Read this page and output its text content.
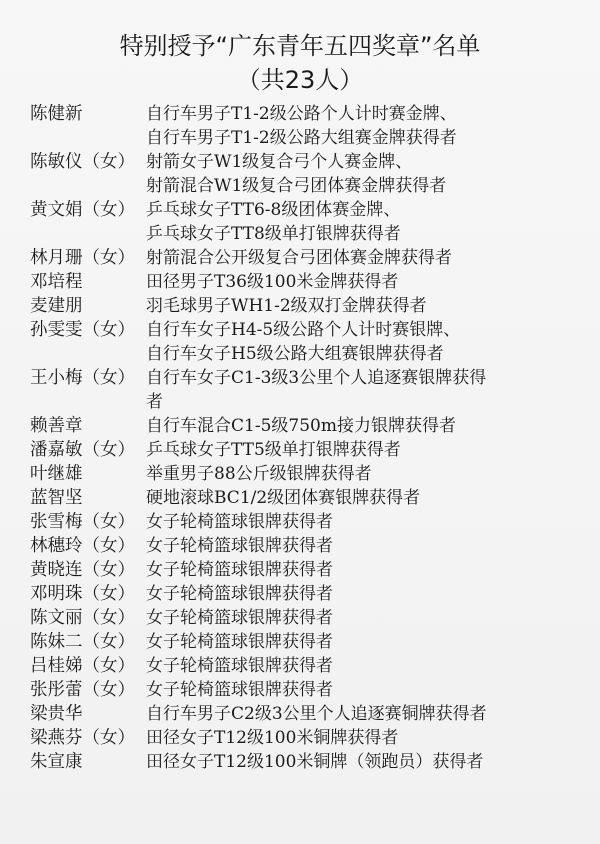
特别授予“广东青年五四奖章”名单
（共23人）
陈健新	自行车男子T1-2级公路个人计时赛金牌、
自行车男子T1-2级公路大组赛金牌获得者
陈敏仪（女） 射箭女子W1级复合弓个人赛金牌、
射箭混合W1级复合弓团体赛金牌获得者
黄文娟（女） 乒乓球女子TT6-8级团体赛金牌、
乒乓球女子TT8级单打银牌获得者
林月珊（女） 射箭混合公开级复合弓团体赛金牌获得者
邓培程	田径男子T36级100米金牌获得者
麦建朋	羽毛球男子WH1-2级双打金牌获得者
孙雯雯（女） 自行车女子H4-5级公路个人计时赛银牌、
自行车女子H5级公路大组赛银牌获得者
王小梅（女） 自行车女子C1-3级3公里个人追逐赛银牌获得
者
赖善章	自行车混合C1-5级750m接力银牌获得者
潘嘉敏（女） 乒乓球女子TT5级单打银牌获得者
叶继雄	举重男子88公斤级银牌获得者
蓝智坚	硬地滚球BC1/2级团体赛银牌获得者
张雪梅（女） 女子轮椅篮球银牌获得者
林穗玲（女） 女子轮椅篮球银牌获得者
黄晓连（女） 女子轮椅篮球银牌获得者
邓明珠（女） 女子轮椅篮球银牌获得者
陈文丽（女） 女子轮椅篮球银牌获得者
陈妹二（女） 女子轮椅篮球银牌获得者
吕桂娣（女） 女子轮椅篮球银牌获得者
张彤蕾（女） 女子轮椅篮球银牌获得者
梁贵华	自行车男子C2级3公里个人追逐赛铜牌获得者
梁燕芬（女） 田径女子T12级100米铜牌获得者
朱宣康	田径女子T12级100米铜牌（领跑员）获得者
